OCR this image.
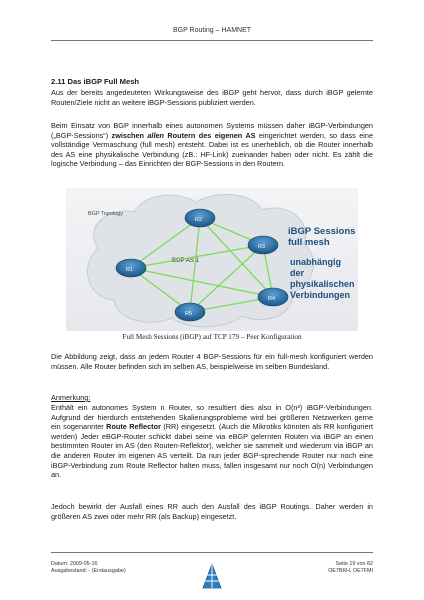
BGP Routing – HAMNET
2.11 Das iBGP Full Mesh
Aus der bereits angedeuteten Wirkungsweise des iBGP geht hervor, dass durch iBGP gelernte Routen/Ziele nicht an weitere iBGP-Sessions publiziert werden.
Beim Einsatz von BGP innerhalb eines autonomen Systems müssen daher iBGP-Verbindungen („BGP-Sessions“) zwischen allen Routern des eigenen AS eingerichtet werden, so dass eine vollständige Vermaschung (full mesh) entsteht. Dabei ist es unerheblich, ob die Router innerhalb des AS eine physikalische Verbindung (zB.: HF-Link) zueinander haben oder nicht. Es zählt die logische Verbindung – das Einrichten der BGP-Sessions in den Routern.
BGP Topology
BGP AS 1
R2
R3
R1
R4
R5
iBGP Sessions
full mesh
unabhängig
der
physikalischen
Verbindungen
Full Mesh Sessions (iBGP) auf TCP 179 – Peer Konfiguration
Die Abbildung zeigt, dass an jedem Router 4 BGP-Sessions für ein full-mesh konfiguriert werden müssen. Alle Router befinden sich im selben AS, beispielweise im selben Bundesland.
Anmerkung:
Enthält ein autonomes System n Router, so resultiert dies also in O(n²) iBGP-Verbindungen. Aufgrund der hierdurch entstehenden Skalierungsprobleme wird bei größeren Netzwerken gerne ein sogenannter Route Reflector (RR) eingesetzt. (Auch die Mikrotiks könnten als RR konfiguriert werden) Jeder eBGP-Router schickt dabei seine via eBGP gelernten Routen via iBGP an einen bestimmten Router im AS (den Routen-Reflektor), welcher sie sammelt und wiederum via iBGP an die anderen Router im eigenen AS verteilt. Da nun jeder BGP-sprechende Router nur noch eine iBGP-Verbindung zum Route Reflector halten muss, fallen insgesamt nur noch O(n) Verbindungen an.
Jedoch bewirkt der Ausfall eines RR auch den Ausfall des iBGP Routings. Daher werden in größeren AS zwei oder mehr RR (als Backup) eingesetzt.
Datum: 2009-05-16
Ausgabestand: - (Erstausgabe)
Seite 19 von 82
OE7BKH, OE7FMI
